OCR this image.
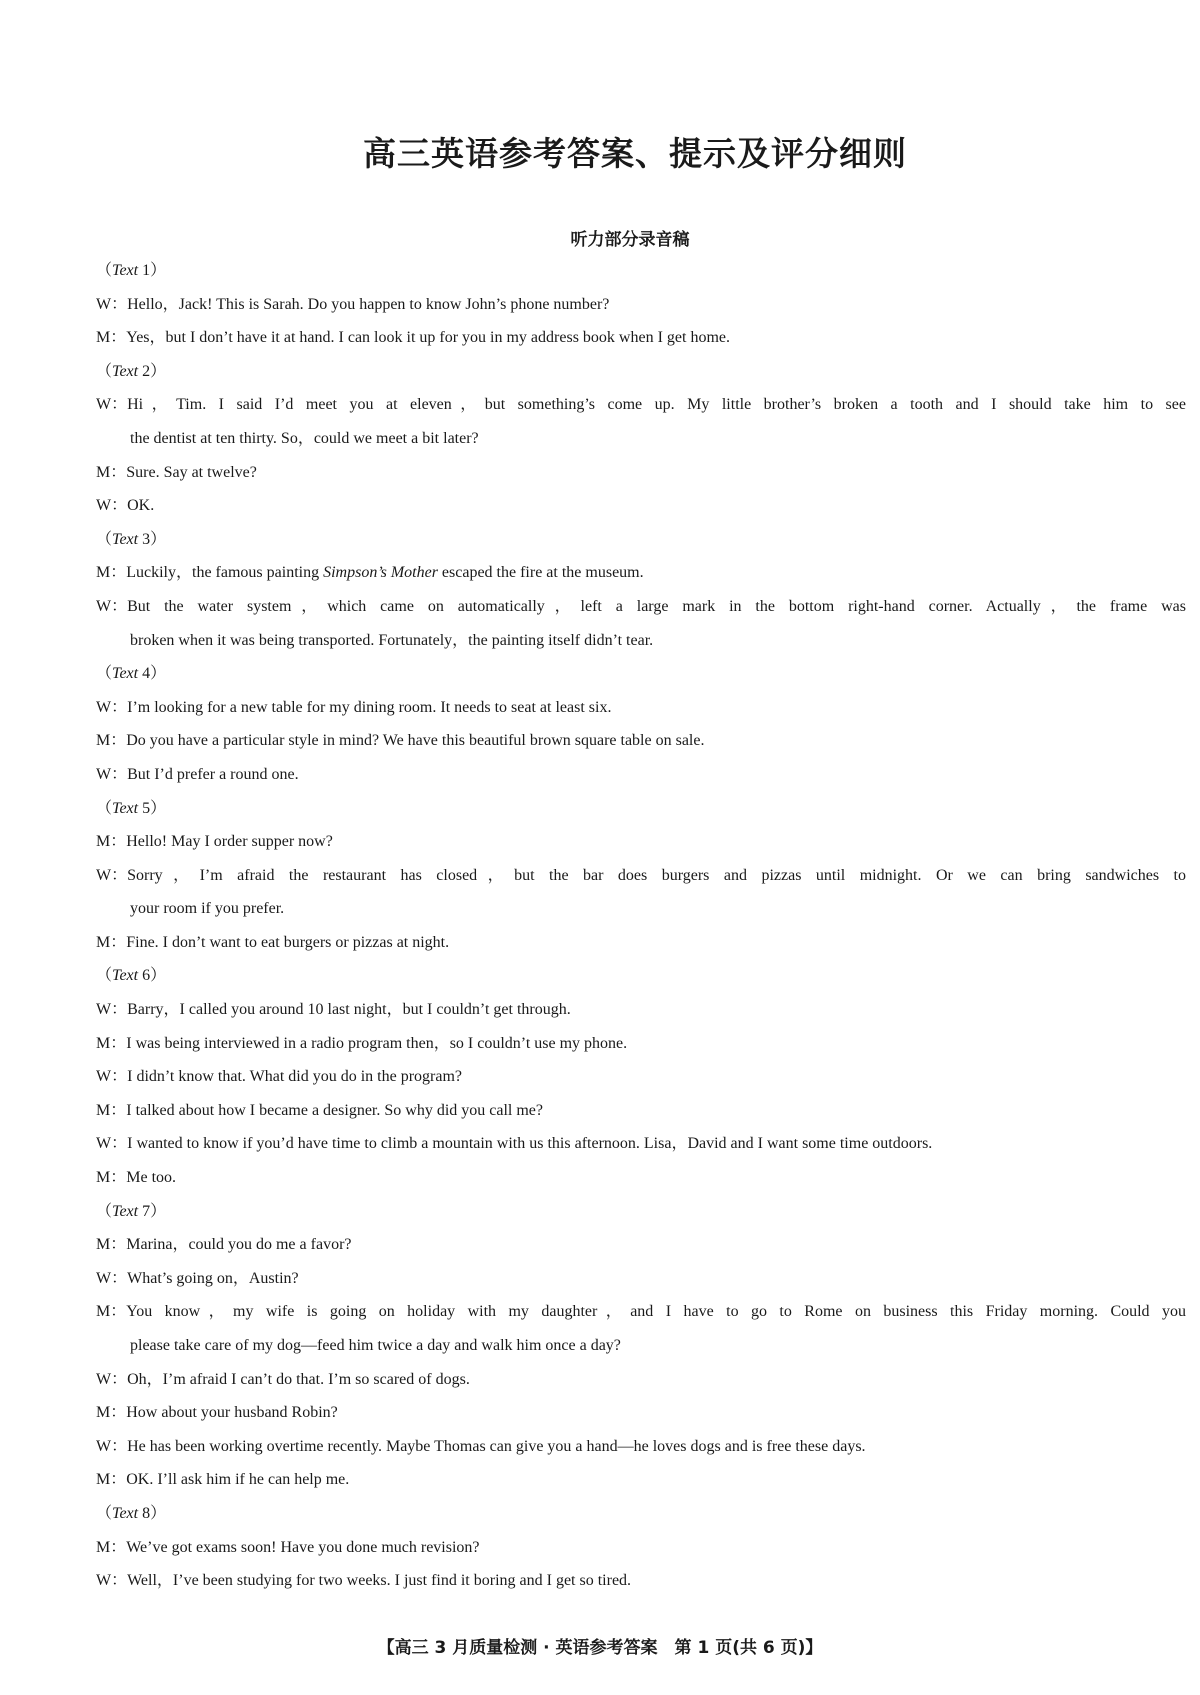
高三英语参考答案、提示及评分细则
听力部分录音稿
（Text 1）
W：Hello，Jack! This is Sarah. Do you happen to know John’s phone number?
M：Yes，but I don’t have it at hand. I can look it up for you in my address book when I get home.
（Text 2）
W：Hi，Tim. I said I’d meet you at eleven，but something’s come up. My little brother’s broken a tooth and I should take him to see
the dentist at ten thirty. So，could we meet a bit later?
M：Sure. Say at twelve?
W：OK.
（Text 3）
M：Luckily，the famous painting Simpson’s Mother escaped the fire at the museum.
W：But the water system，which came on automatically，left a large mark in the bottom right-hand corner. Actually，the frame was
broken when it was being transported. Fortunately，the painting itself didn’t tear.
（Text 4）
W：I’m looking for a new table for my dining room. It needs to seat at least six.
M：Do you have a particular style in mind? We have this beautiful brown square table on sale.
W：But I’d prefer a round one.
（Text 5）
M：Hello! May I order supper now?
W：Sorry，I’m afraid the restaurant has closed，but the bar does burgers and pizzas until midnight. Or we can bring sandwiches to
your room if you prefer.
M：Fine. I don’t want to eat burgers or pizzas at night.
（Text 6）
W：Barry，I called you around 10 last night，but I couldn’t get through.
M：I was being interviewed in a radio program then，so I couldn’t use my phone.
W：I didn’t know that. What did you do in the program?
M：I talked about how I became a designer. So why did you call me?
W：I wanted to know if you’d have time to climb a mountain with us this afternoon. Lisa，David and I want some time outdoors.
M：Me too.
（Text 7）
M：Marina，could you do me a favor?
W：What’s going on，Austin?
M：You know，my wife is going on holiday with my daughter，and I have to go to Rome on business this Friday morning. Could you
please take care of my dog—feed him twice a day and walk him once a day?
W：Oh，I’m afraid I can’t do that. I’m so scared of dogs.
M：How about your husband Robin?
W：He has been working overtime recently. Maybe Thomas can give you a hand—he loves dogs and is free these days.
M：OK. I’ll ask him if he can help me.
（Text 8）
M：We’ve got exams soon! Have you done much revision?
W：Well，I’ve been studying for two weeks. I just find it boring and I get so tired.
【高三 3 月质量检测 · 英语参考答案　第 1 页(共 6 页)】
